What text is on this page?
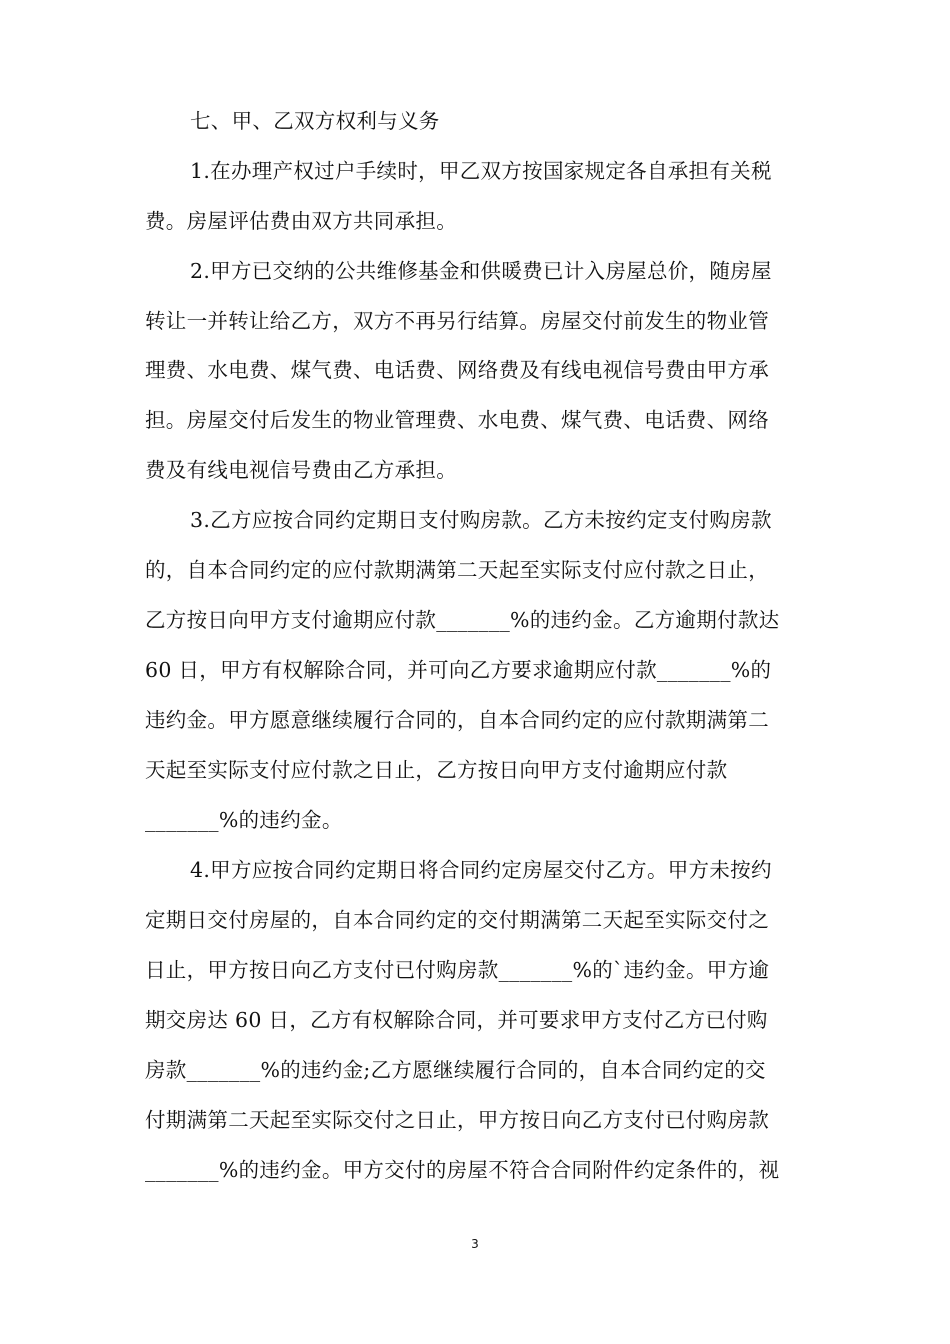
七、甲、乙双方权利与义务

1.在办理产权过户手续时，甲乙双方按国家规定各自承担有关税

费。房屋评估费由双方共同承担。

2.甲方已交纳的公共维修基金和供暖费已计入房屋总价，随房屋

转让一并转让给乙方，双方不再另行结算。房屋交付前发生的物业管

理费、水电费、煤气费、电话费、网络费及有线电视信号费由甲方承

担。房屋交付后发生的物业管理费、水电费、煤气费、电话费、网络

费及有线电视信号费由乙方承担。

3.乙方应按合同约定期日支付购房款。乙方未按约定支付购房款

的，自本合同约定的应付款期满第二天起至实际支付应付款之日止，

乙方按日向甲方支付逾期应付款_______%的违约金。乙方逾期付款达

60 日，甲方有权解除合同，并可向乙方要求逾期应付款_______%的

违约金。甲方愿意继续履行合同的，自本合同约定的应付款期满第二

天起至实际支付应付款之日止，乙方按日向甲方支付逾期应付款

_______%的违约金。

4.甲方应按合同约定期日将合同约定房屋交付乙方。甲方未按约

定期日交付房屋的，自本合同约定的交付期满第二天起至实际交付之

日止，甲方按日向乙方支付已付购房款_______%的`违约金。甲方逾

期交房达 60 日，乙方有权解除合同，并可要求甲方支付乙方已付购

房款_______%的违约金;乙方愿继续履行合同的，自本合同约定的交

付期满第二天起至实际交付之日止，甲方按日向乙方支付已付购房款

_______%的违约金。甲方交付的房屋不符合合同附件约定条件的，视

3
